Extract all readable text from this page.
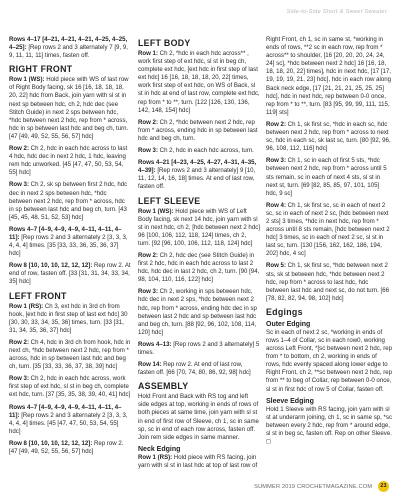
Side-to-Side Short & Sweet Sweater

Rows 4–17 [4–21, 4–21, 4–21, 4–25, 4–25, 4–25]: [Rep rows 2 and 3 alternately 7 [9, 9, 9, 11, 11, 11] times, fasten off.

RIGHT FRONT

Row 1 (WS): Hold piece with WS of last row of Right Body facing, sk 16 [16, 18, 18, 18, 20, 22] hdc from Back, join yarn with sl st in next sp between hdc, ch 2, hdc dec (see Stitch Guide) in next 2 sps between hdc, *hdc between next 2 hdc, rep from * across, hdc in sp between last hdc and beg ch, turn. [47 [49, 49, 52, 55, 56, 57] hdc]

Row 2: Ch 2, hdc in each hdc across to last 4 hdc, hdc dec in next 2 hdc, 1 hdc, leaving rem hdc unworked. [45 [47, 47, 50, 53, 54, 55] hdc]

Row 3: Ch 2, sk sp between first 2 hdc, hdc dec in next 2 sps between hdc, *hdc between next 2 hdc, rep from * across, hdc in sp between last hdc and beg ch, turn. [43 [45, 45, 48, 51, 52, 53] hdc]

Rows 4–7 [4–9, 4–9, 4–9, 4–11, 4–11, 4–11]: [Rep rows 2 and 3 alternately 2 [3, 3, 3, 4, 4, 4] times. [35 [33, 33, 36, 35, 36, 37] hdc]

Row 8 [10, 10, 10, 12, 12, 12]: Rep row 2. At end of row, fasten off. [33 [31, 31, 34, 33, 34, 35] hdc]

LEFT FRONT

Row 1 (RS): Ch 3, ext hdc in 3rd ch from hook, [ext hdc in first step of last ext hdc] 30 [30, 30, 33, 34, 35, 36] times, turn. [33 [31, 31, 34, 35, 36, 37] hdc]

Row 2: Ch 4, hdc in 3rd ch from hook, hdc in next ch, *hdc between next 2 hdc, rep from * across, hdc in sp between last hdc and beg ch, turn. [35 [33, 33, 36, 37, 38, 39] hdc]

Row 3: Ch 2, hdc in each hdc across, work first step of ext hdc, sl st in beg ch, complete ext hdc, turn. [37 [35, 35, 38, 39, 40, 41] hdc]

Rows 4–7 [4–9, 4–9, 4–9, 4–11, 4–11, 4–11]: [Rep rows 2 and 3 alternately 2 [3, 3, 3, 4, 4, 4] times. [45 [47, 47, 50, 53, 54, 55] hdc]

Row 8 [10, 10, 10, 12, 12, 12]: Rep row 2. [47 [49, 49, 52, 55, 56, 57] hdc]

LEFT BODY

Row 1: Ch 2, *hdc in each hdc across** , work first step of ext hdc, sl st in beg ch, complete ext hdc, [ext hdc in first step of last ext hdc] 16 [16, 18, 18, 18, 20, 22] times, work first step of ext hdc, on WS of Back, sl st in hdc at end of last row, complete ext hdc, rep from * to **, turn. [122 [126, 130, 136, 142, 148, 154] hdc]

Row 2: Ch 2, *hdc between next 2 hdc, rep from * across, ending hdc in sp between last hdc and beg ch, turn.

Row 3: Ch 2, hdc in each hdc across, turn.

Rows 4–21 [4–23, 4–25, 4–27, 4–31, 4–35, 4–39]: [Rep rows 2 and 3 alternately] 9 [10, 11, 12, 14, 16, 18] times. At end of last row, fasten off.

LEFT SLEEVE

Row 1 (WS): Hold piece with WS of Left Body facing, sk next 14 hdc, join yarn with sl st in next hdc, ch 2, [hdc between next 2 hdc] 96 [100, 106, 112, 118, 124] times, ch 2, turn. [92 [96, 100, 106, 112, 118, 124] hdc]

Row 2: Ch 2, hdc dec (see Stitch Guide) in first 2 hdc, hdc in each hdc across to last 2 hdc, hdc dec in last 2 hdc, ch 2, turn. [90 [94, 98, 104, 110, 116, 122] hdc]

Row 3: Ch 2, working in sps between hdc, hdc dec in next 2 sps, *hdc between next 2 hdc, rep from * across, ending hdc dec in sp between last 2 hdc and sp between last hdc and beg ch, turn. [88 [92, 96, 102, 108, 114, 120] hdc]

Rows 4–13: [Rep rows 2 and 3 alternately] 5 times.

Row 14: Rep row 2. At end of last row, fasten off. [66 [70, 74, 80, 86, 92, 98] hdc]

ASSEMBLY

Hold Front and Back with RS tog and left side edges at top, working in ends of rows of both pieces at same time, join yarn with sl st in end of first row of Sleeve, ch 1, sc in same sp, sc in end of each row across, fasten off. Join rem side edges in same manner.

Neck Edging

Row 1 (RS): Hold piece with RS facing, join yarn with sl st in last hdc at top of last row of

Right Front, ch 1, sc in same st, *working in ends of rows, **2 sc in each row, rep from * across** to shoulder, [16 [20, 20, 20, 24, 24, 24] sc], *hdc between next 2 hdc] 16 [16, 18, 18, 18, 20, 22] times], hdc in next hdc, [17 [17, 19, 19, 19, 21, 23] hdc], hdc in each row along Back neck edge, [17 [21, 21, 21, 25, 25, 25] hdc], hdc in next hdc, rep between 0-0 once, rep from * to **, turn. [83 [95, 99, 99, 111, 115, 119] sts]

Row 2: Ch 1, sk first sc, *hdc in each sc, hdc between next 2 hdc, rep from * across to next sc, hdc in each sc, sk last sc, turn. [80 [92, 96, 96, 108, 112, 116] hdc]

Row 3: Ch 1, sc in each of first 5 sts, *hdc between next 2 hdc, rep from * across until 5 sts remain, sc in each of next 4 sts, sl st in next st, turn. [69 [82, 85, 85, 97, 101, 105] hdc, 9 sc]

Row 4: Ch 1, sk first sc, sc in each of next 2 sc, sc in each of next 2 sc, [hdc between next 2 sts] 3 times, *hdc in next hdc, rep from * across until 8 sts remain, [hdc between next 2 hdc] 3 times, sc in each of next 2 sc, sl st in last sc, turn. [130 [156, 162, 162, 186, 194, 202] hdc, 4 sc]

Row 5: Ch 1, sk first sc, *hdc between next 2 sts, sk st between hdc, *hdc between next 2 hdc, rep from * across to last hdc, hdc between last hdc and next sc, do not turn. [66 [78, 82, 82, 94, 98, 102] hdc]

Edgings
Outer Edging

Sc in each of next 2 sc, *working in ends of rows 1–4 of Collar, sc in each row0, working across Left Front, *[sc between next 2 hdc, rep from * to bottom, ch 2, working in ends of rows, hdc evenly spaced along lower edge to Right Front, ch 2, **sc between next 2 hdc, rep from ** to beg of Collar, rep between 0-0 once, sl st in first hdc of row 5 of Collar, fasten off.

Sleeve Edging

Hold 1 Sleeve with RS facing, join yarn with sl st at underarm joining, ch 1, sc in same sp, *sc between every 2 hdc, rep from * around edge, sl st in beg sc, fasten off. Rep on other Sleeve. ◻

SUMMER 2019 CROCHETMAGAZINE.COM 23
